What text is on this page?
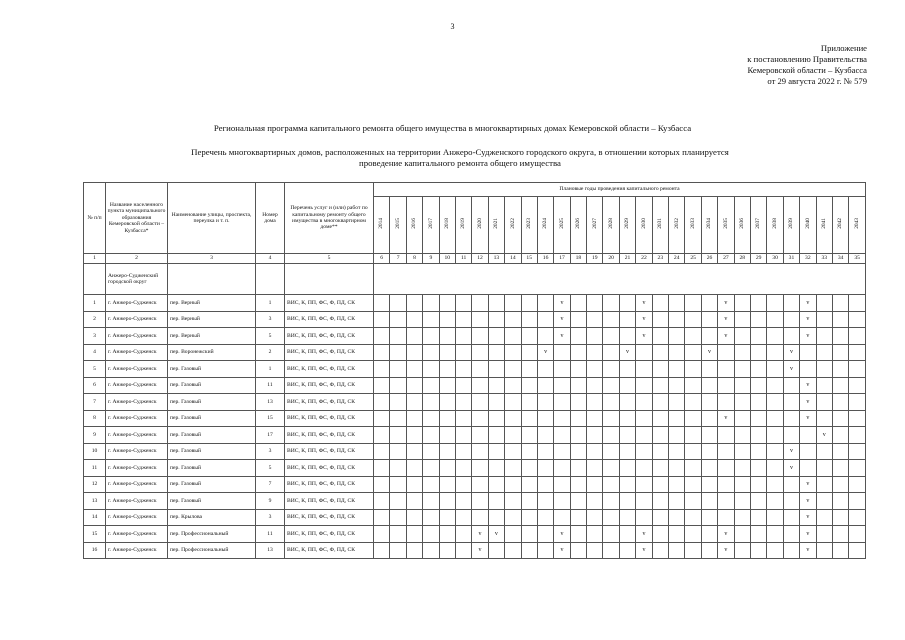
3
Приложение
к постановлению Правительства
Кемеровской области – Кузбасса
от 29 августа 2022 г. № 579
Региональная программа капитального ремонта общего имущества в многоквартирных домах Кемеровской области – Кузбасса
Перечень многоквартирных домов, расположенных на территории Анжеро-Судженского городского округа, в отношении которых планируется проведение капитального ремонта общего имущества
№ п/п	Название населенного пункта муниципального образования Кемеровской области – Кузбасса*	Наименование улицы, проспекта, переулка и т. п.	Номер дома	Перечень услуг и (или) работ по капитальному ремонту общего имущества в многоквартирном доме**	Плановые годы проведения капитального ремонта																													
					2014	2015	2016	2017	2018	2019	2020	2021	2022	2023	2024	2025	2026	2027	2028	2029	2030	2031	2032	2033	2034	2035	2036	2037	2038	2039	2040	2041	2042	2043
1	2	3	4	5	6	7	8	9	10	11	12	13	14	15	16	17	18	19	20	21	22	23	24	25	26	27	28	29	30	31	32	33	34	35
	Анжеро-Судженский городской округ																																	
1	г. Анжеро-Судженск	пер. Верный	1	ВИС, К, ПП, ФС, Ф, ПД, СК												v					v					v					v			
2	г. Анжеро-Судженск	пер. Верный	3	ВИС, К, ПП, ФС, Ф, ПД, СК												v					v					v					v			
3	г. Анжеро-Судженск	пер. Верный	5	ВИС, К, ПП, ФС, Ф, ПД, СК												v					v					v					v			
4	г. Анжеро-Судженск	пер. Воронежский	2	ВИС, К, ПП, ФС, Ф, ПД, СК											v					v					v					v				
5	г. Анжеро-Судженск	пер. Газовый	1	ВИС, К, ПП, ФС, Ф, ПД, СК																										v				
6	г. Анжеро-Судженск	пер. Газовый	11	ВИС, К, ПП, ФС, Ф, ПД, СК																											v			
7	г. Анжеро-Судженск	пер. Газовый	13	ВИС, К, ПП, ФС, Ф, ПД, СК																											v			
8	г. Анжеро-Судженск	пер. Газовый	15	ВИС, К, ПП, ФС, Ф, ПД, СК																						v					v			
9	г. Анжеро-Судженск	пер. Газовый	17	ВИС, К, ПП, ФС, Ф, ПД, СК																												v		
10	г. Анжеро-Судженск	пер. Газовый	3	ВИС, К, ПП, ФС, Ф, ПД, СК																										v				
11	г. Анжеро-Судженск	пер. Газовый	5	ВИС, К, ПП, ФС, Ф, ПД, СК																										v				
12	г. Анжеро-Судженск	пер. Газовый	7	ВИС, К, ПП, ФС, Ф, ПД, СК																											v			
13	г. Анжеро-Судженск	пер. Газовый	9	ВИС, К, ПП, ФС, Ф, ПД, СК																											v			
14	г. Анжеро-Судженск	пер. Крылова	3	ВИС, К, ПП, ФС, Ф, ПД, СК																											v			
15	г. Анжеро-Судженск	пер. Профессиональный	11	ВИС, К, ПП, ФС, Ф, ПД, СК							v	v				v					v					v					v			
16	г. Анжеро-Судженск	пер. Профессиональный	13	ВИС, К, ПП, ФС, Ф, ПД, СК							v					v					v					v					v			
